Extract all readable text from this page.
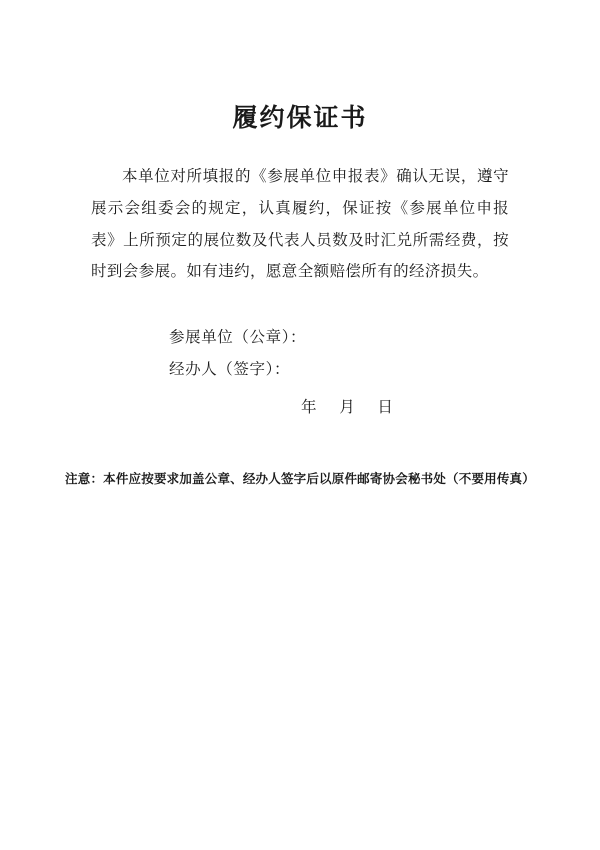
履约保证书

本单位对所填报的《参展单位申报表》确认无误，遵守展示会组委会的规定，认真履约，保证按《参展单位申报表》上所预定的展位数及代表人员数及时汇兑所需经费，按时到会参展。如有违约，愿意全额赔偿所有的经济损失。

参展单位（公章）：

经办人（签字）：

年    月    日

注意：本件应按要求加盖公章、经办人签字后以原件邮寄协会秘书处（不要用传真）
